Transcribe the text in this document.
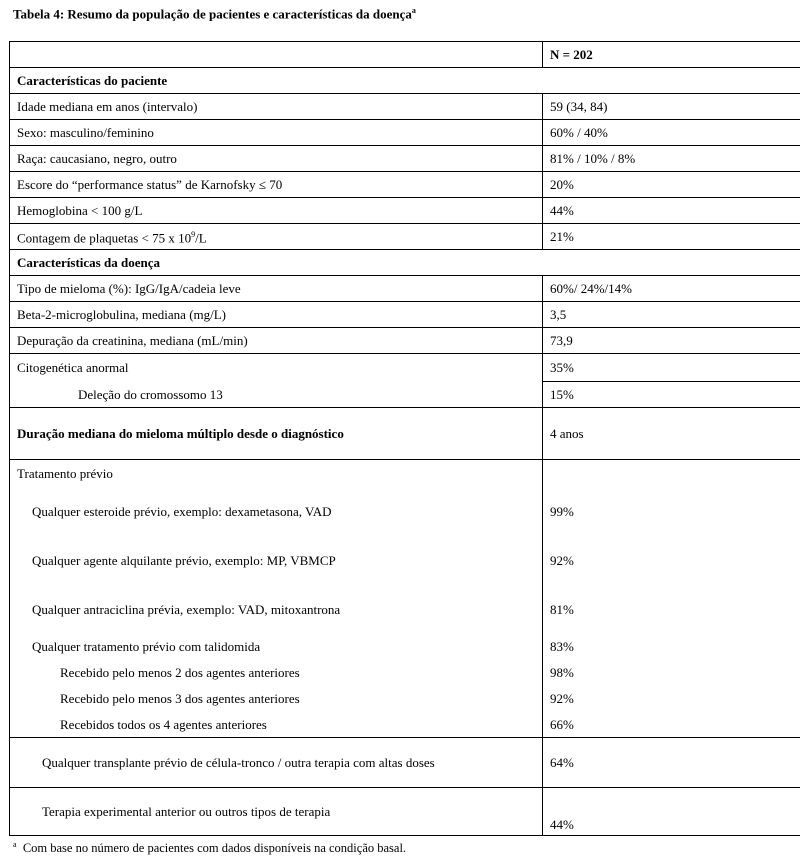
Tabela 4: Resumo da população de pacientes e características da doença$^a$
	N = 202
Características do paciente	
Idade mediana em anos (intervalo)	59 (34, 84)
Sexo: masculino/feminino	60% / 40%
Raça: caucasiano, negro, outro	81% / 10% / 8%
Escore do “performance status” de Karnofsky ≤ 70	20%
Hemoglobina < 100 g/L	44%
Contagem de plaquetas < 75 x $10^9/L$	21%
Características da doença	
Tipo de mieloma (%): IgG/IgA/cadeia leve	60%/ 24%/14%
Beta-2-microglobulina, mediana (mg/L)	3,5
Depuração da creatinina, mediana (mL/min)	73,9
Citogenética anormal	35%
Deleção do cromossomo 13	15%
Duração mediana do mieloma múltiplo desde o diagnóstico	4 anos
Tratamento prévio	
Qualquer esteroide prévio, exemplo: dexametasona, VAD	99%
Qualquer agente alquilante prévio, exemplo: MP, VBMCP	92%
Qualquer antraciclina prévia, exemplo: VAD, mitoxantrona	81%
Qualquer tratamento prévio com talidomida	83%
Recebido pelo menos 2 dos agentes anteriores	98%
Recebido pelo menos 3 dos agentes anteriores	92%
Recebidos todos os 4 agentes anteriores	66%
Qualquer transplante prévio de célula-tronco / outra terapia com altas doses	64%
Terapia experimental anterior ou outros tipos de terapia	44%
$^a$ Com base no número de pacientes com dados disponíveis na condição basal.
